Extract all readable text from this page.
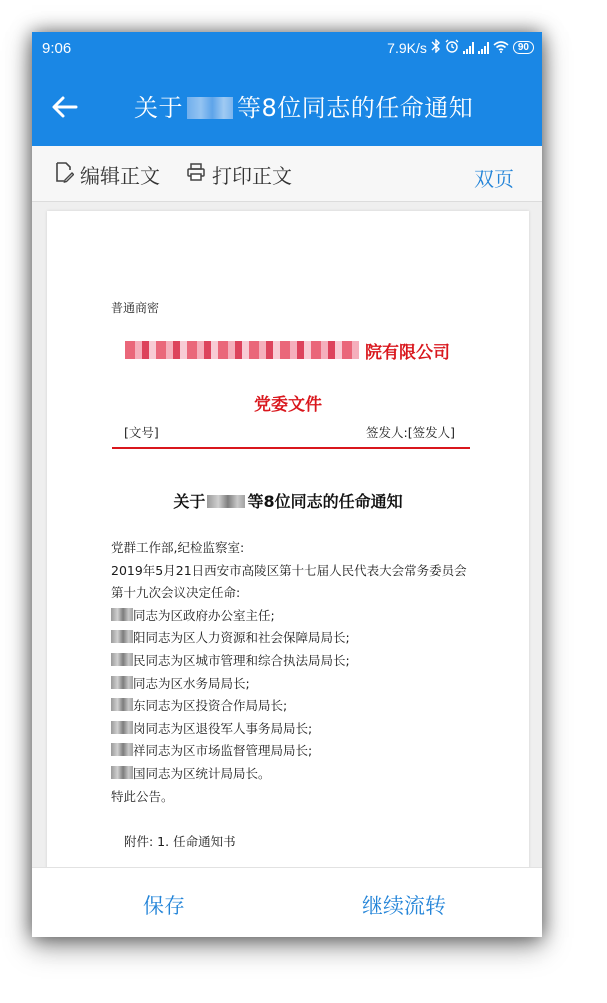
9:06	7.9K/s	90
关于 等8位同志的任命通知
编辑正文	打印正文	双页
普通商密
院有限公司
党委文件
[文号]	签发人:[签发人]
关于	等8位同志的任命通知
党群工作部,纪检监察室:
2019年5月21日西安市高陵区第十七届人民代表大会常务委员会
第十九次会议决定任命:
同志为区政府办公室主任;
阳同志为区人力资源和社会保障局局长;
民同志为区城市管理和综合执法局局长;
同志为区水务局局长;
东同志为区投资合作局局长;
岗同志为区退役军人事务局局长;
祥同志为区市场监督管理局局长;
国同志为区统计局局长。
特此公告。
附件: 1. 任命通知书
保存	继续流转
